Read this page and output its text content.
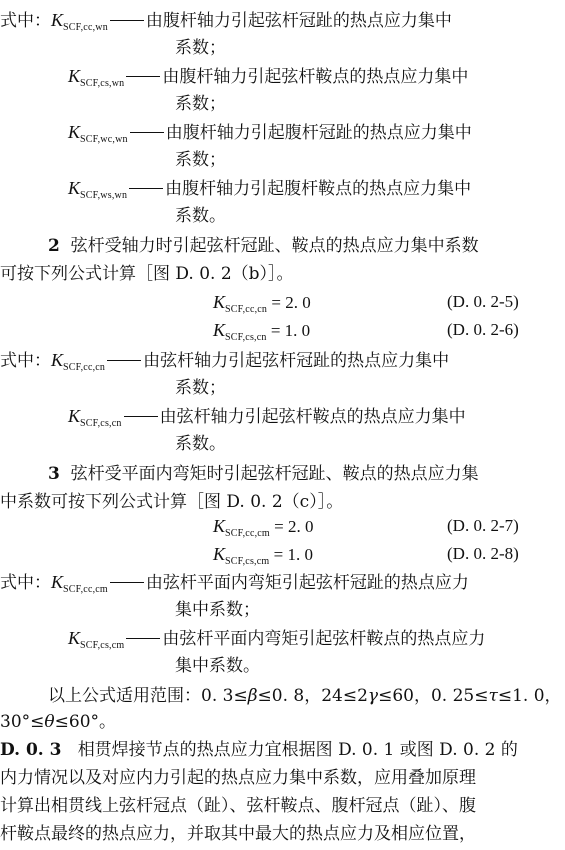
式中：$K_{SCF,cc,wn}$ 由腹杆轴力引起弦杆冠趾的热点应力集中
系数；
$K_{SCF,cs,wn}$ 由腹杆轴力引起弦杆鞍点的热点应力集中
系数；
$K_{SCF,wc,wn}$ 由腹杆轴力引起腹杆冠趾的热点应力集中
系数；
$K_{SCF,ws,wn}$ 由腹杆轴力引起腹杆鞍点的热点应力集中
系数。
2 弦杆受轴力时引起弦杆冠趾、鞍点的热点应力集中系数
可按下列公式计算［图 D. 0. 2（b）］。
$K_{SCF,cc,cn} = 2$. 0	(D. 0. 2-5)
$K_{SCF,cs,cn} = 1$. 0	(D. 0. 2-6)
式中：$K_{SCF,cc,cn}$ 由弦杆轴力引起弦杆冠趾的热点应力集中
系数；
$K_{SCF,cs,cn}$ 由弦杆轴力引起弦杆鞍点的热点应力集中
系数。
3 弦杆受平面内弯矩时引起弦杆冠趾、鞍点的热点应力集
中系数可按下列公式计算［图 D. 0. 2（c）］。
$K_{SCF,cc,cm} = 2$. 0	(D. 0. 2-7)
$K_{SCF,cs,cm} = 1$. 0	(D. 0. 2-8)
式中：$K_{SCF,cc,cm}$ 由弦杆平面内弯矩引起弦杆冠趾的热点应力
集中系数；
$K_{SCF,cs,cm}$ 由弦杆平面内弯矩引起弦杆鞍点的热点应力
集中系数。
以上公式适用范围：0. 3≤β≤0. 8，24≤2γ≤60，0. 25≤τ≤1. 0，
30°≤θ≤60°。
D. 0. 3 相贯焊接节点的热点应力宜根据图 D. 0. 1 或图 D. 0. 2 的
内力情况以及对应内力引起的热点应力集中系数，应用叠加原理
计算出相贯线上弦杆冠点（趾）、弦杆鞍点、腹杆冠点（趾）、腹
杆鞍点最终的热点应力，并取其中最大的热点应力及相应位置，
